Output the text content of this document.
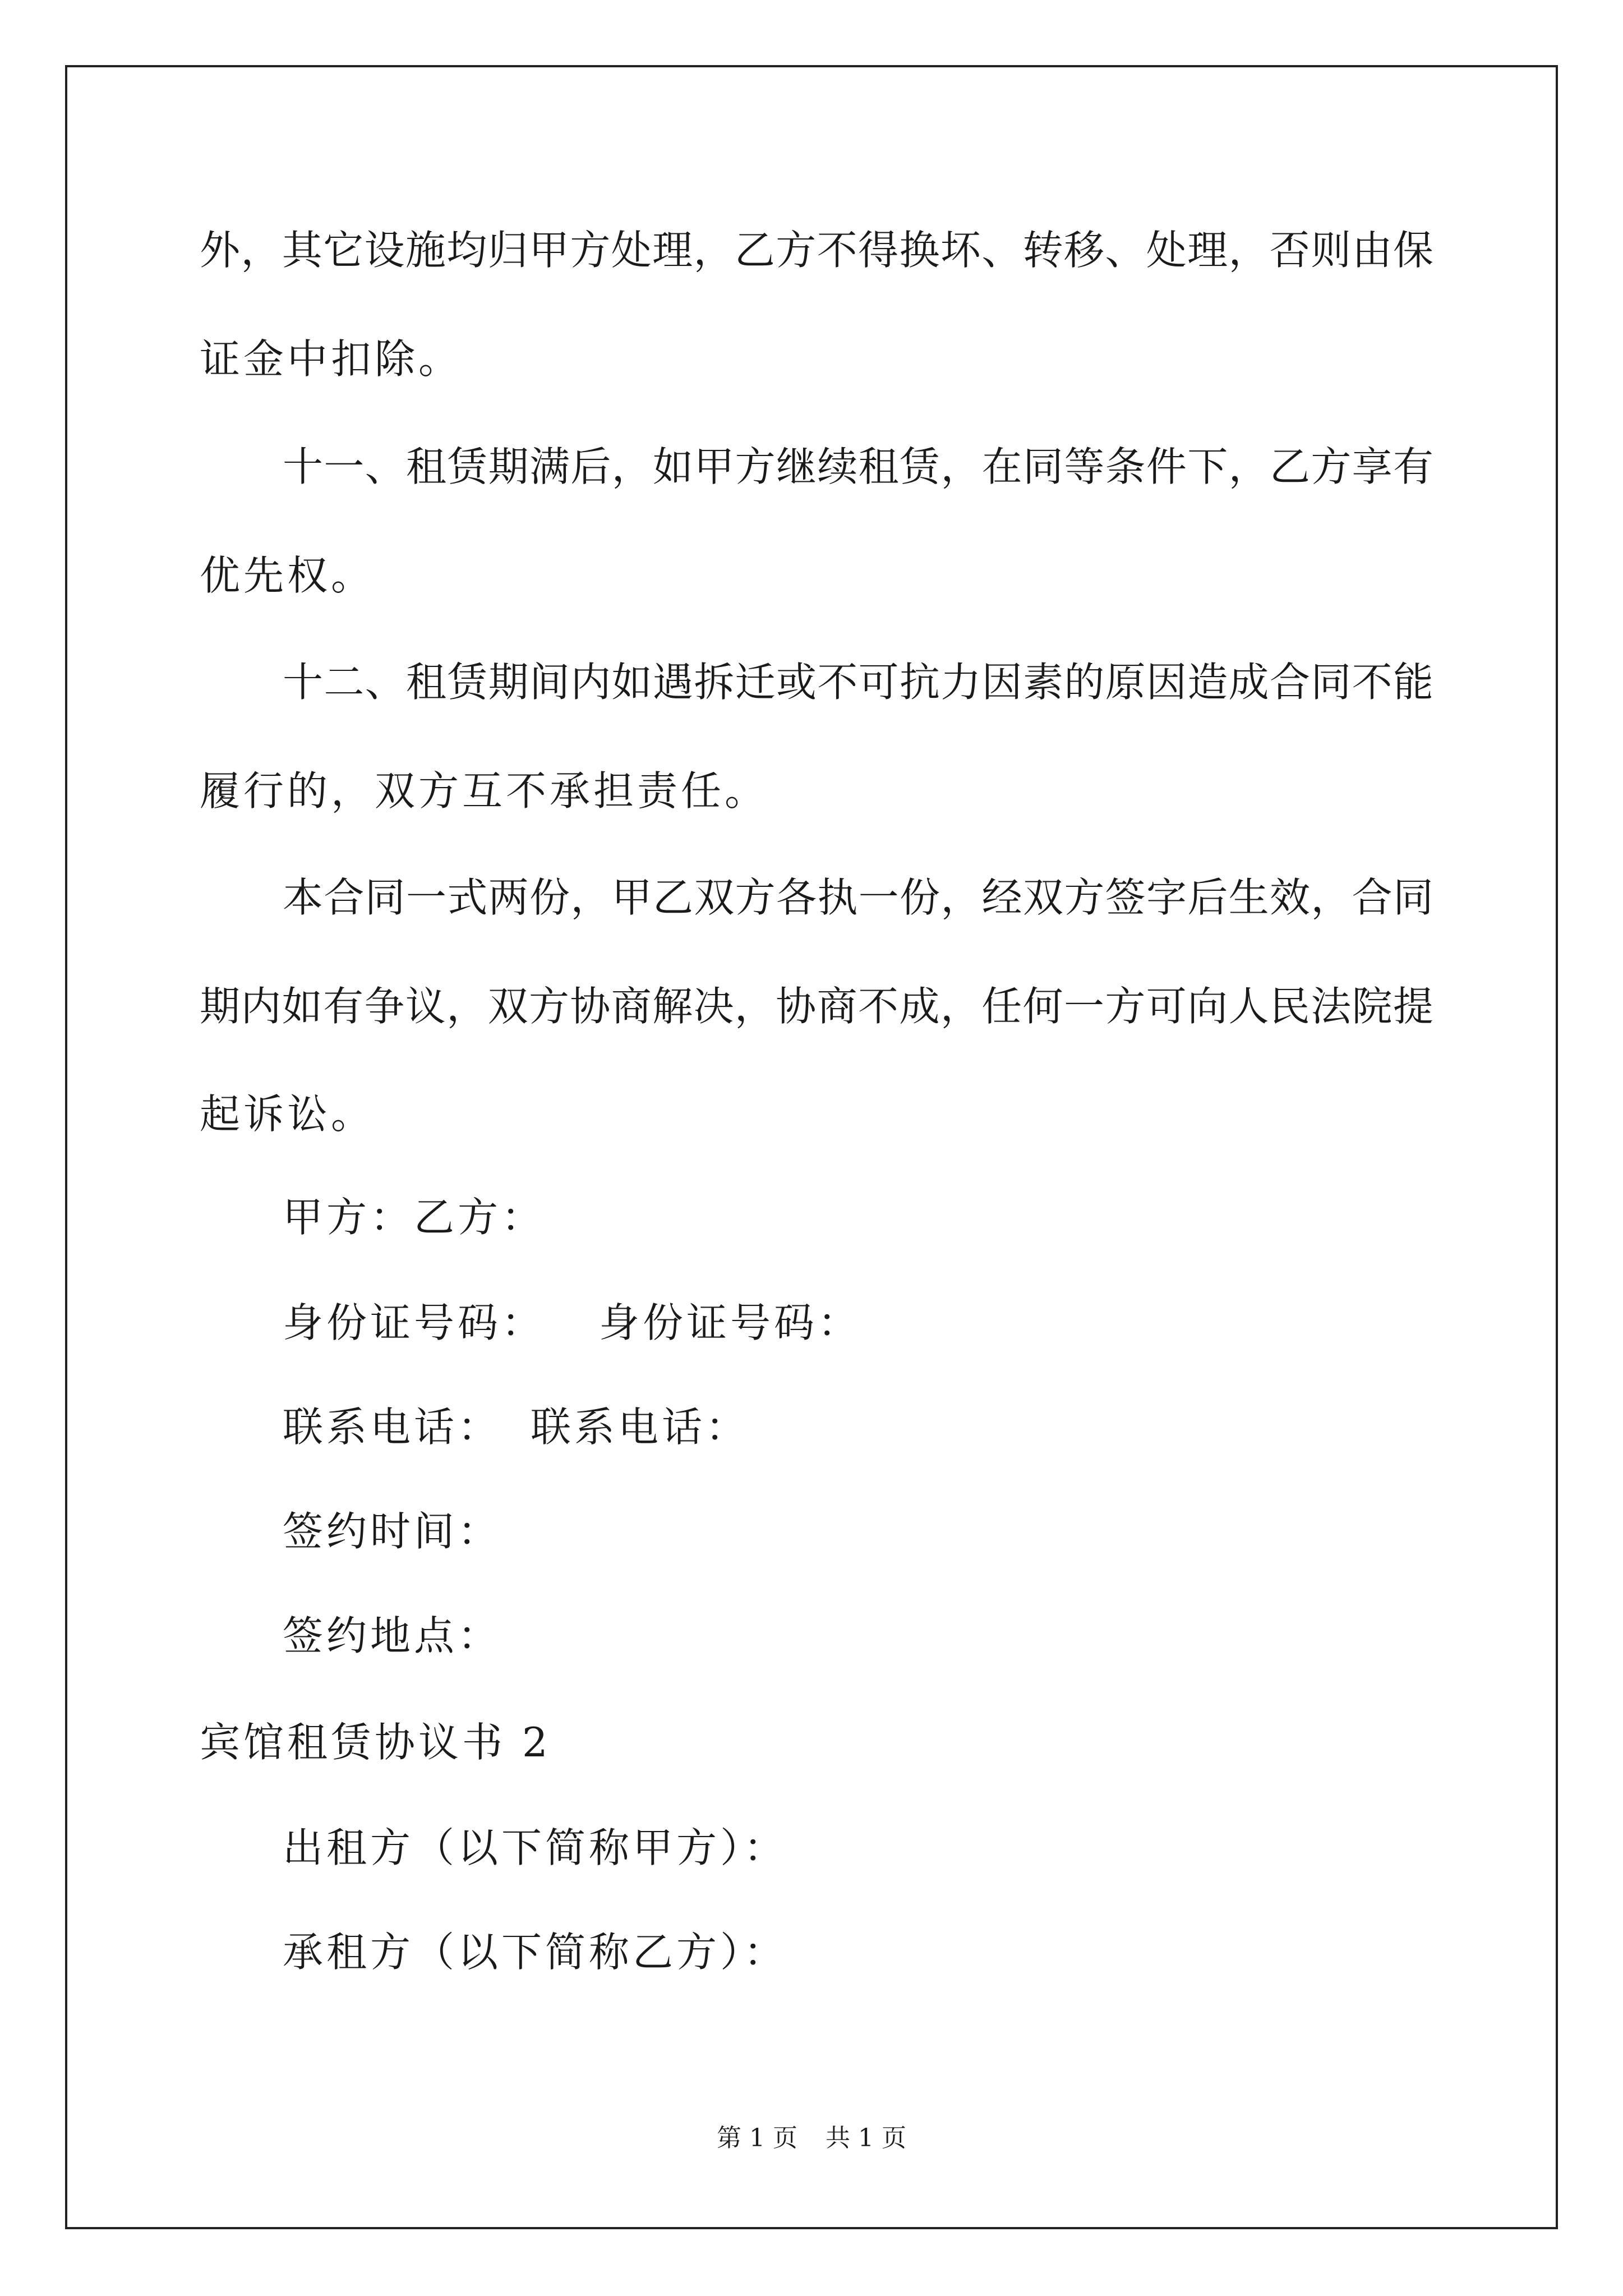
外，其它设施均归甲方处理，乙方不得换坏、转移、处理，否则由保
证金中扣除。
十一、租赁期满后，如甲方继续租赁，在同等条件下，乙方享有
优先权。
十二、租赁期间内如遇拆迁或不可抗力因素的原因造成合同不能
履行的，双方互不承担责任。
本合同一式两份，甲乙双方各执一份，经双方签字后生效，合同
期内如有争议，双方协商解决，协商不成，任何一方可向人民法院提
起诉讼。
甲方：乙方：
身份证号码： 身份证号码：
联系电话： 联系电话：
签约时间：
签约地点：
宾馆租赁协议书 2
出租方（以下简称甲方）：
承租方（以下简称乙方）：
第 1 页 共 1 页
